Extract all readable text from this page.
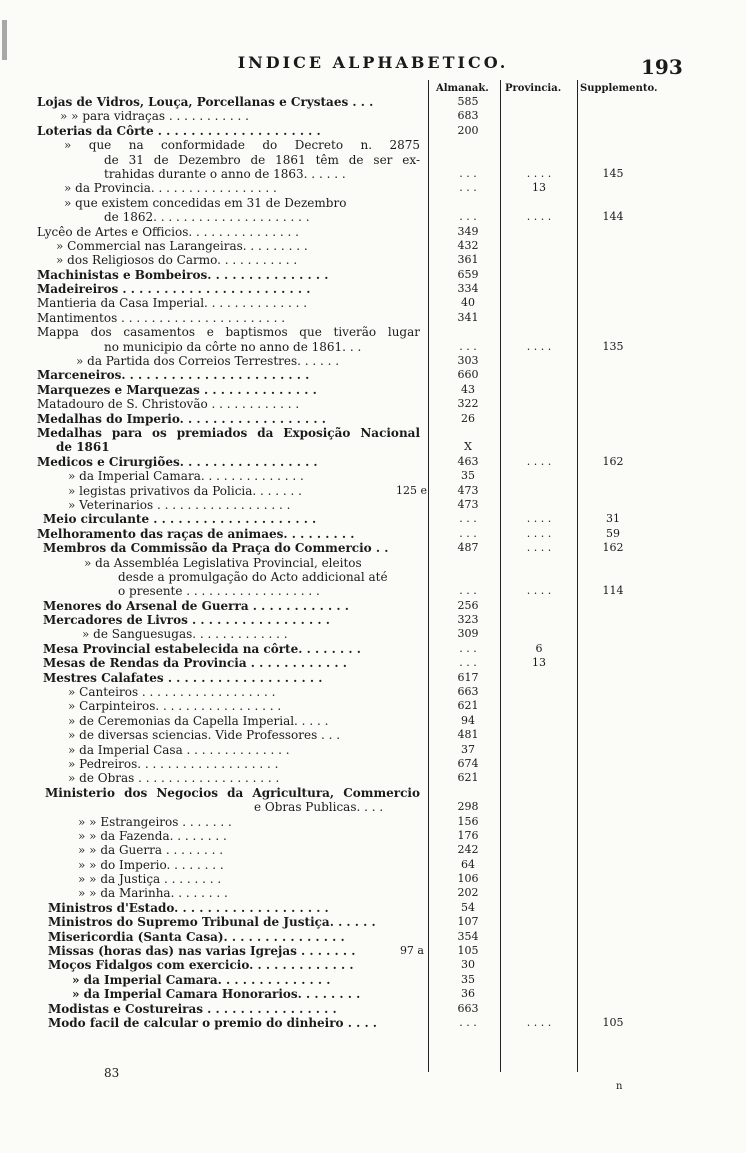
INDICE ALPHABETICO.	193
Almanak. Provincia. Supplemento.
Lojas de Vidros, Louça, Porcellanas e Crystaes . . .	585
» » para vidraças . . . . . . . . . . .	683
Loterias da Côrte . . . . . . . . . . . . . . . . . . . .	200
» que na conformidade do Decreto n. 2875
de 31 de Dezembro de 1861 têm de ser ex-
trahidas durante o anno de 1863. . . . . .	. . .	. . . .	145
» da Provincia. . . . . . . . . . . . . . . . .	. . .	13
» que existem concedidas em 31 de Dezembro
de 1862. . . . . . . . . . . . . . . . . . . . .	. . .	. . . .	144
Lycêo de Artes e Officios. . . . . . . . . . . . . . .	349
» Commercial nas Larangeiras. . . . . . . . .	432
» dos Religiosos do Carmo. . . . . . . . . . .	361
Machinistas e Bombeiros. . . . . . . . . . . . . . .	659
Madeireiros . . . . . . . . . . . . . . . . . . . . . . .	334
Mantieria da Casa Imperial. . . . . . . . . . . . . .	40
Mantimentos . . . . . . . . . . . . . . . . . . . . . .	341
Mappa dos casamentos e baptismos que tiverão lugar
no municipio da côrte no anno de 1861. . .	. . .	. . . .	135
» da Partida dos Correios Terrestres. . . . . .	303
Marceneiros. . . . . . . . . . . . . . . . . . . . . . .	660
Marquezes e Marquezas . . . . . . . . . . . . . .	43
Matadouro de S. Christovão . . . . . . . . . . . .	322
Medalhas do Imperio. . . . . . . . . . . . . . . . . .	26
Medalhas para os premiados da Exposição Nacional
de 1861	X
Medicos e Cirurgiões. . . . . . . . . . . . . . . . .	463	. . . .	162
» da Imperial Camara. . . . . . . . . . . . . .	35
» legistas privativos da Policia. . . . . . .	125 e	473
» Veterinarios . . . . . . . . . . . . . . . . . .	473
Meio circulante . . . . . . . . . . . . . . . . . . . .	. . .	. . . .	31
Melhoramento das raças de animaes. . . . . . . . .	. . .	. . . .	59
Membros da Commissão da Praça do Commercio . .	487	. . . .	162
» da Assembléa Legislativa Provincial, eleitos
desde a promulgação do Acto addicional até
o presente . . . . . . . . . . . . . . . . . .	. . .	. . . .	114
Menores do Arsenal de Guerra . . . . . . . . . . . .	256
Mercadores de Livros . . . . . . . . . . . . . . . . .	323
» de Sanguesugas. . . . . . . . . . . . .	309
Mesa Provincial estabelecida na côrte. . . . . . . .	. . .	6
Mesas de Rendas da Provincia . . . . . . . . . . . .	. . .	13
Mestres Calafates . . . . . . . . . . . . . . . . . . .	617
» Canteiros . . . . . . . . . . . . . . . . . .	663
» Carpinteiros. . . . . . . . . . . . . . . . .	621
» de Ceremonias da Capella Imperial. . . . .	94
» de diversas sciencias. Vide Professores . . .	481
» da Imperial Casa . . . . . . . . . . . . . .	37
» Pedreiros. . . . . . . . . . . . . . . . . . .	674
» de Obras . . . . . . . . . . . . . . . . . . .	621
Ministerio dos Negocios da Agricultura, Commercio
e Obras Publicas. . . .	298
» » Estrangeiros . . . . . . .	156
» » da Fazenda. . . . . . . .	176
» » da Guerra . . . . . . . .	242
» » do Imperio. . . . . . . .	64
» » da Justiça . . . . . . . .	106
» » da Marinha. . . . . . . .	202
Ministros d'Estado. . . . . . . . . . . . . . . . . . .	54
Ministros do Supremo Tribunal de Justiça. . . . . .	107
Misericordia (Santa Casa). . . . . . . . . . . . . . .	354
Missas (horas das) nas varias Igrejas . . . . . . .	97 a	105
Moços Fidalgos com exercicio. . . . . . . . . . . . .	30
» da Imperial Camara. . . . . . . . . . . . . .	35
» da Imperial Camara Honorarios. . . . . . . .	36
Modistas e Costureiras . . . . . . . . . . . . . . . .	663
Modo facil de calcular o premio do dinheiro . . . .	. . .	. . . .	105
83
n
